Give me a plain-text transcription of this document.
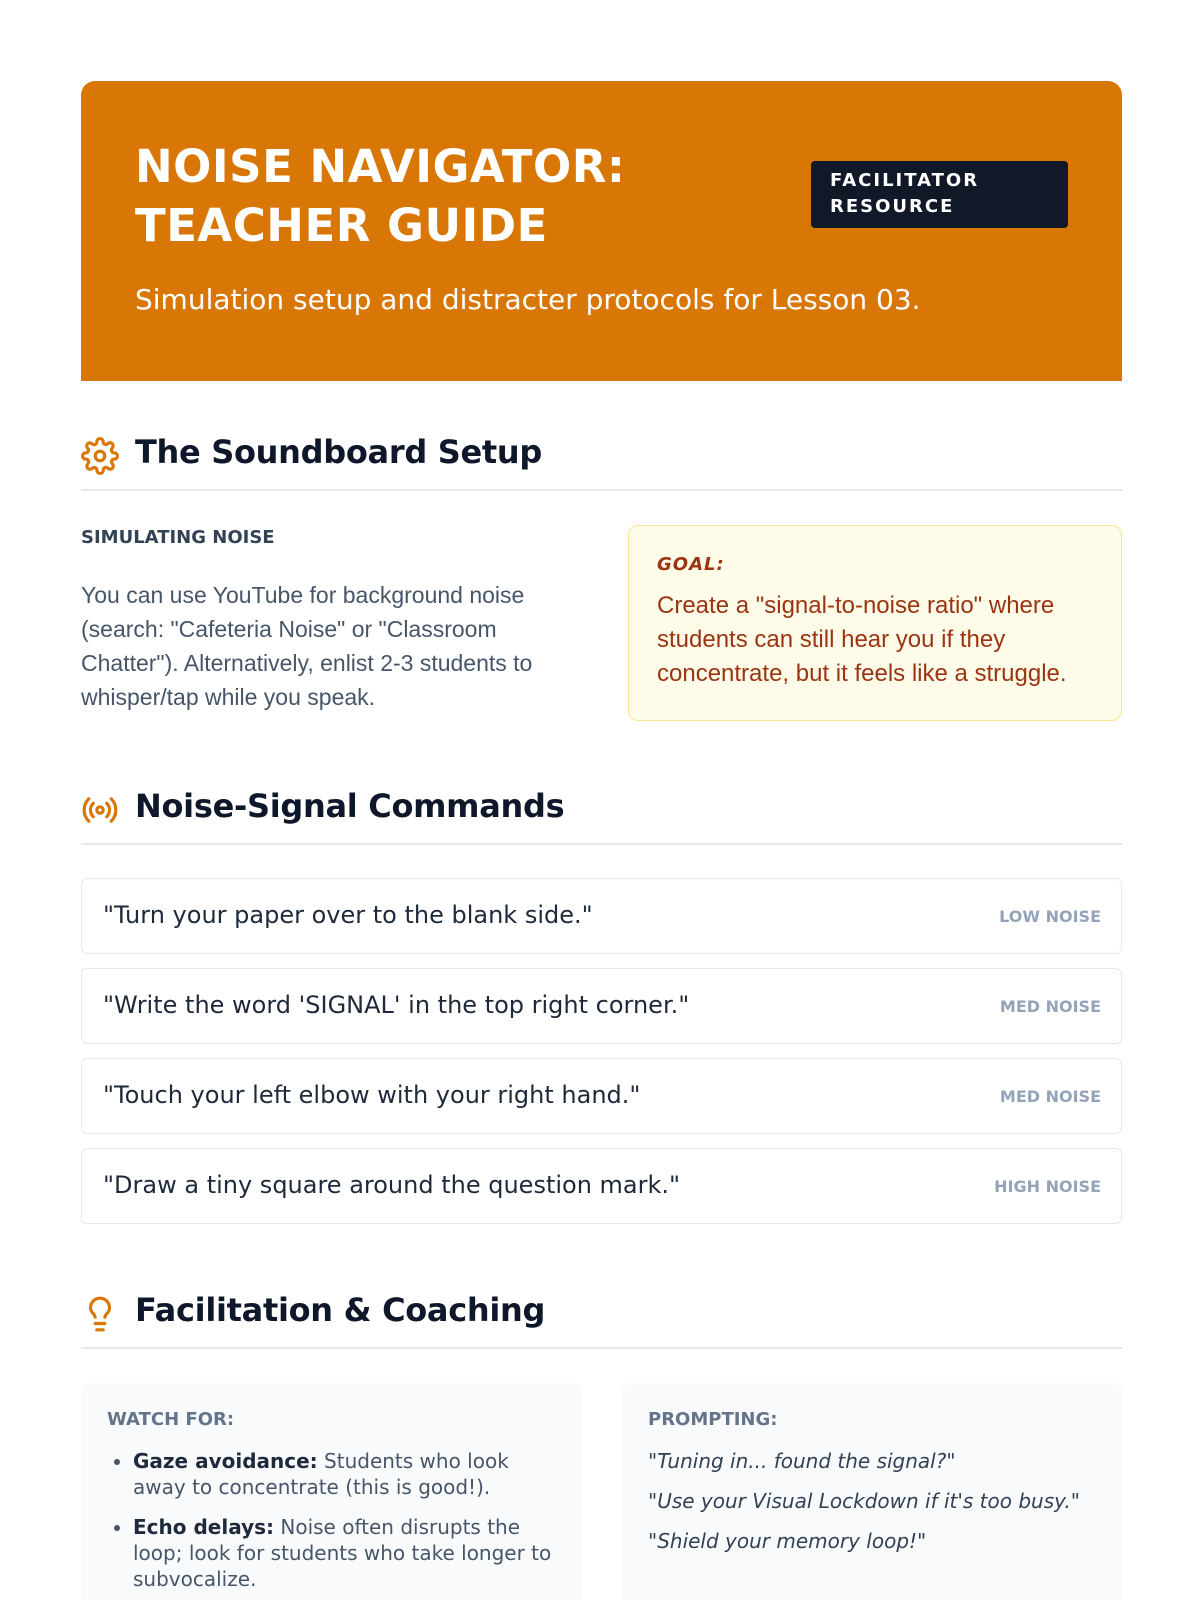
NOISE NAVIGATOR:
TEACHER GUIDE
FACILITATOR RESOURCE

Simulation setup and distracter protocols for Lesson 03.

The Soundboard Setup
SIMULATING NOISE

You can use YouTube for background noise (search: "Cafeteria Noise" or "Classroom Chatter"). Alternatively, enlist 2-3 students to whisper/tap while you speak.

GOAL:

Create a "signal-to-noise ratio" where students can still hear you if they concentrate, but it feels like a struggle.

Noise-Signal Commands
"Turn your paper over to the blank side."	LOW NOISE
"Write the word 'SIGNAL' in the top right corner."	MED NOISE
"Touch your left elbow with your right hand."	MED NOISE
"Draw a tiny square around the question mark."	HIGH NOISE
Facilitation & Coaching
WATCH FOR:
• Gaze avoidance: Students who look away to concentrate (this is good!).
• Echo delays: Noise often disrupts the loop; look for students who take longer to subvocalize.
PROMPTING:
"Tuning in... found the signal?"
"Use your Visual Lockdown if it's too busy."
"Shield your memory loop!"
